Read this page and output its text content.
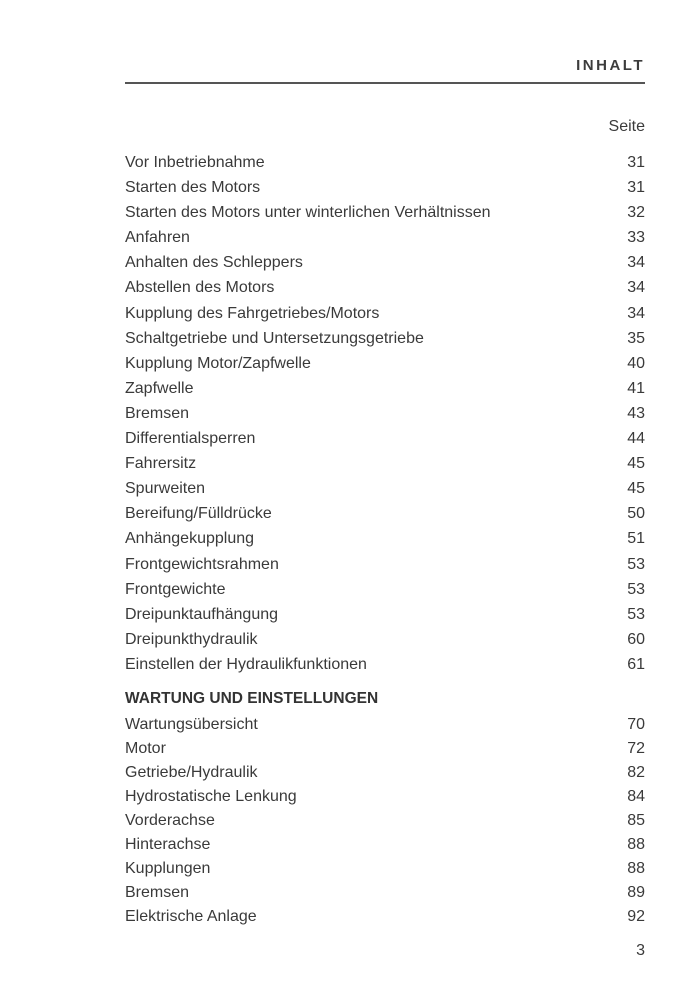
INHALT
Seite
Vor Inbetriebnahme	31
Starten des Motors	31
Starten des Motors unter winterlichen Verhältnissen	32
Anfahren	33
Anhalten des Schleppers	34
Abstellen des Motors	34
Kupplung des Fahrgetriebes/Motors	34
Schaltgetriebe und Untersetzungsgetriebe	35
Kupplung Motor/Zapfwelle	40
Zapfwelle	41
Bremsen	43
Differentialsperren	44
Fahrersitz	45
Spurweiten	45
Bereifung/Fülldrücke	50
Anhängekupplung	51
Frontgewichtsrahmen	53
Frontgewichte	53
Dreipunktaufhängung	53
Dreipunkthydraulik	60
Einstellen der Hydraulikfunktionen	61
WARTUNG UND EINSTELLUNGEN
Wartungsübersicht	70
Motor	72
Getriebe/Hydraulik	82
Hydrostatische Lenkung	84
Vorderachse	85
Hinterachse	88
Kupplungen	88
Bremsen	89
Elektrische Anlage	92
3
